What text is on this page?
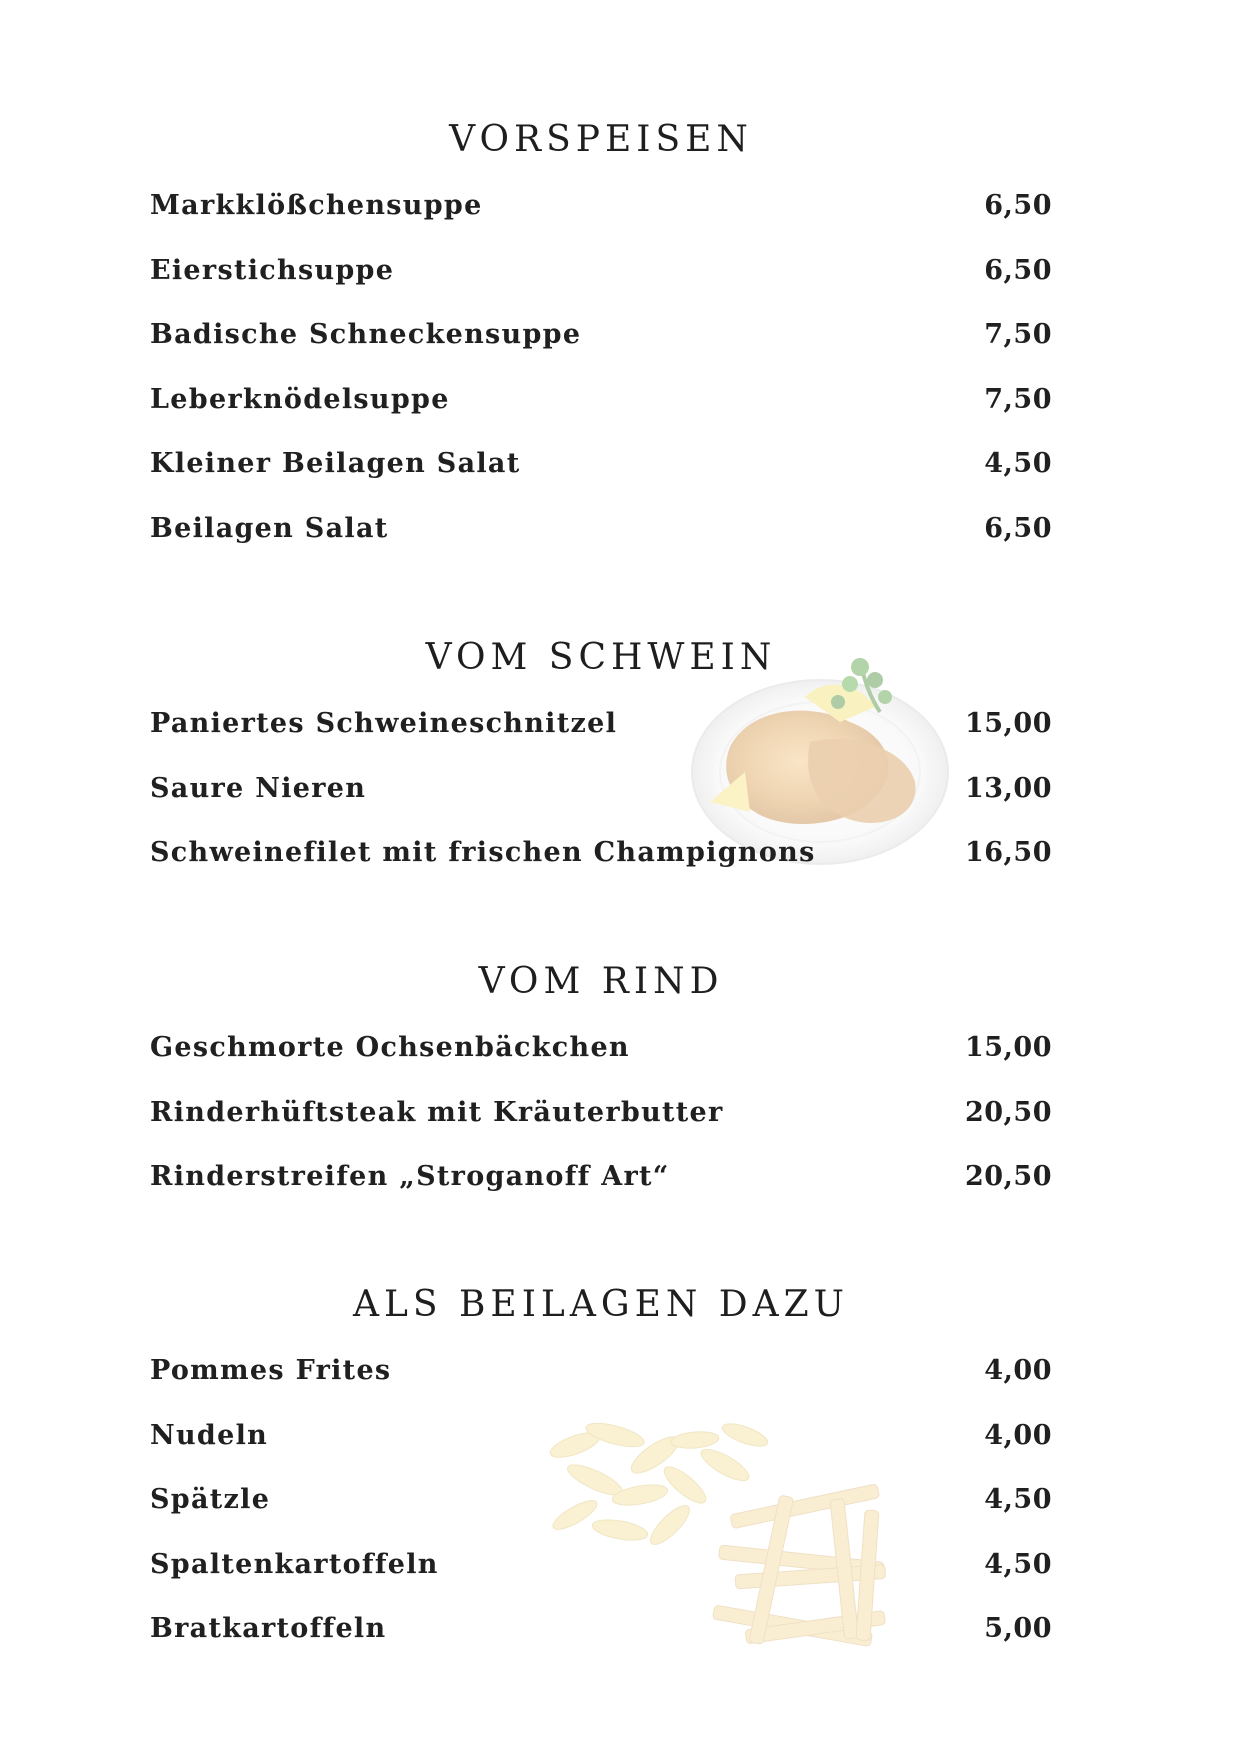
VORSPEISEN
Markklößchensuppe	6,50
Eierstichsuppe	6,50
Badische Schneckensuppe	7,50
Leberknödelsuppe	7,50
Kleiner Beilagen Salat	4,50
Beilagen Salat	6,50
VOM SCHWEIN
Paniertes Schweineschnitzel	15,00
Saure Nieren	13,00
Schweinefilet mit frischen Champignons	16,50
VOM RIND
Geschmorte Ochsenbäckchen	15,00
Rinderhüftsteak mit Kräuterbutter	20,50
Rinderstreifen „Stroganoff Art“	20,50
ALS BEILAGEN DAZU
Pommes Frites	4,00
Nudeln	4,00
Spätzle	4,50
Spaltenkartoffeln	4,50
Bratkartoffeln	5,00
